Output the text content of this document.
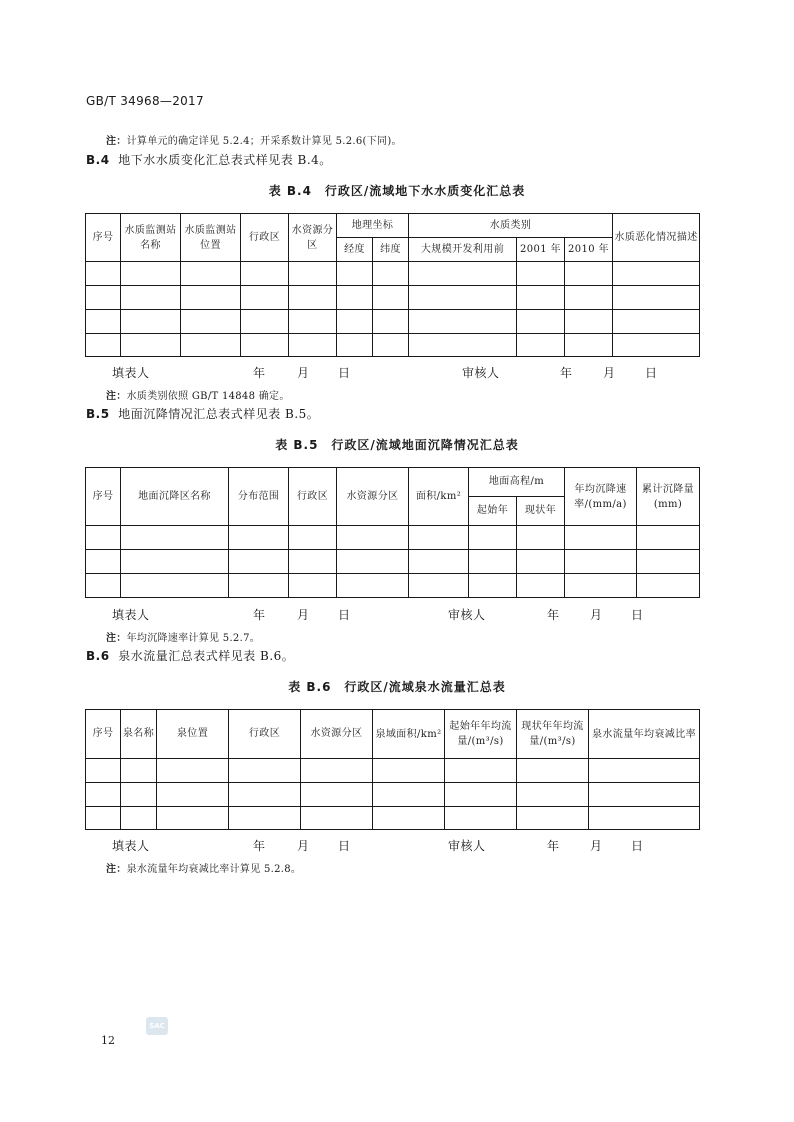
GB/T 34968—2017
注：计算单元的确定详见 5.2.4；开采系数计算见 5.2.6(下同)。
B.4 地下水水质变化汇总表式样见表 B.4。
表 B.4　行政区/流域地下水水质变化汇总表
序号	水质监测站名称	水质监测站位置	行政区	水资源分区	地理坐标		水质类别			水质恶化情况描述
					经度	纬度	大规模开发利用前	2001 年	2010 年	

填表人	年	月 日	审核人	年	月 日
注：水质类别依照 GB/T 14848 确定。
B.5 地面沉降情况汇总表式样见表 B.5。
表 B.5　行政区/流域地面沉降情况汇总表
序号	地面沉降区名称	分布范围	行政区	水资源分区	面积/km²	地面高程/m		年均沉降速率/(mm/a)	累计沉降量(mm)
						起始年	现状年		

填表人	年	月 日	审核人	年	月 日
注：年均沉降速率计算见 5.2.7。
B.6 泉水流量汇总表式样见表 B.6。
表 B.6　行政区/流域泉水流量汇总表
序号	泉名称	泉位置	行政区	水资源分区	泉域面积/km²	起始年年均流量/(m³/s)	现状年年均流量/(m³/s)	泉水流量年均衰减比率

填表人	年	月 日	审核人	年	月 日
注：泉水流量年均衰减比率计算见 5.2.8。
SAC
12
